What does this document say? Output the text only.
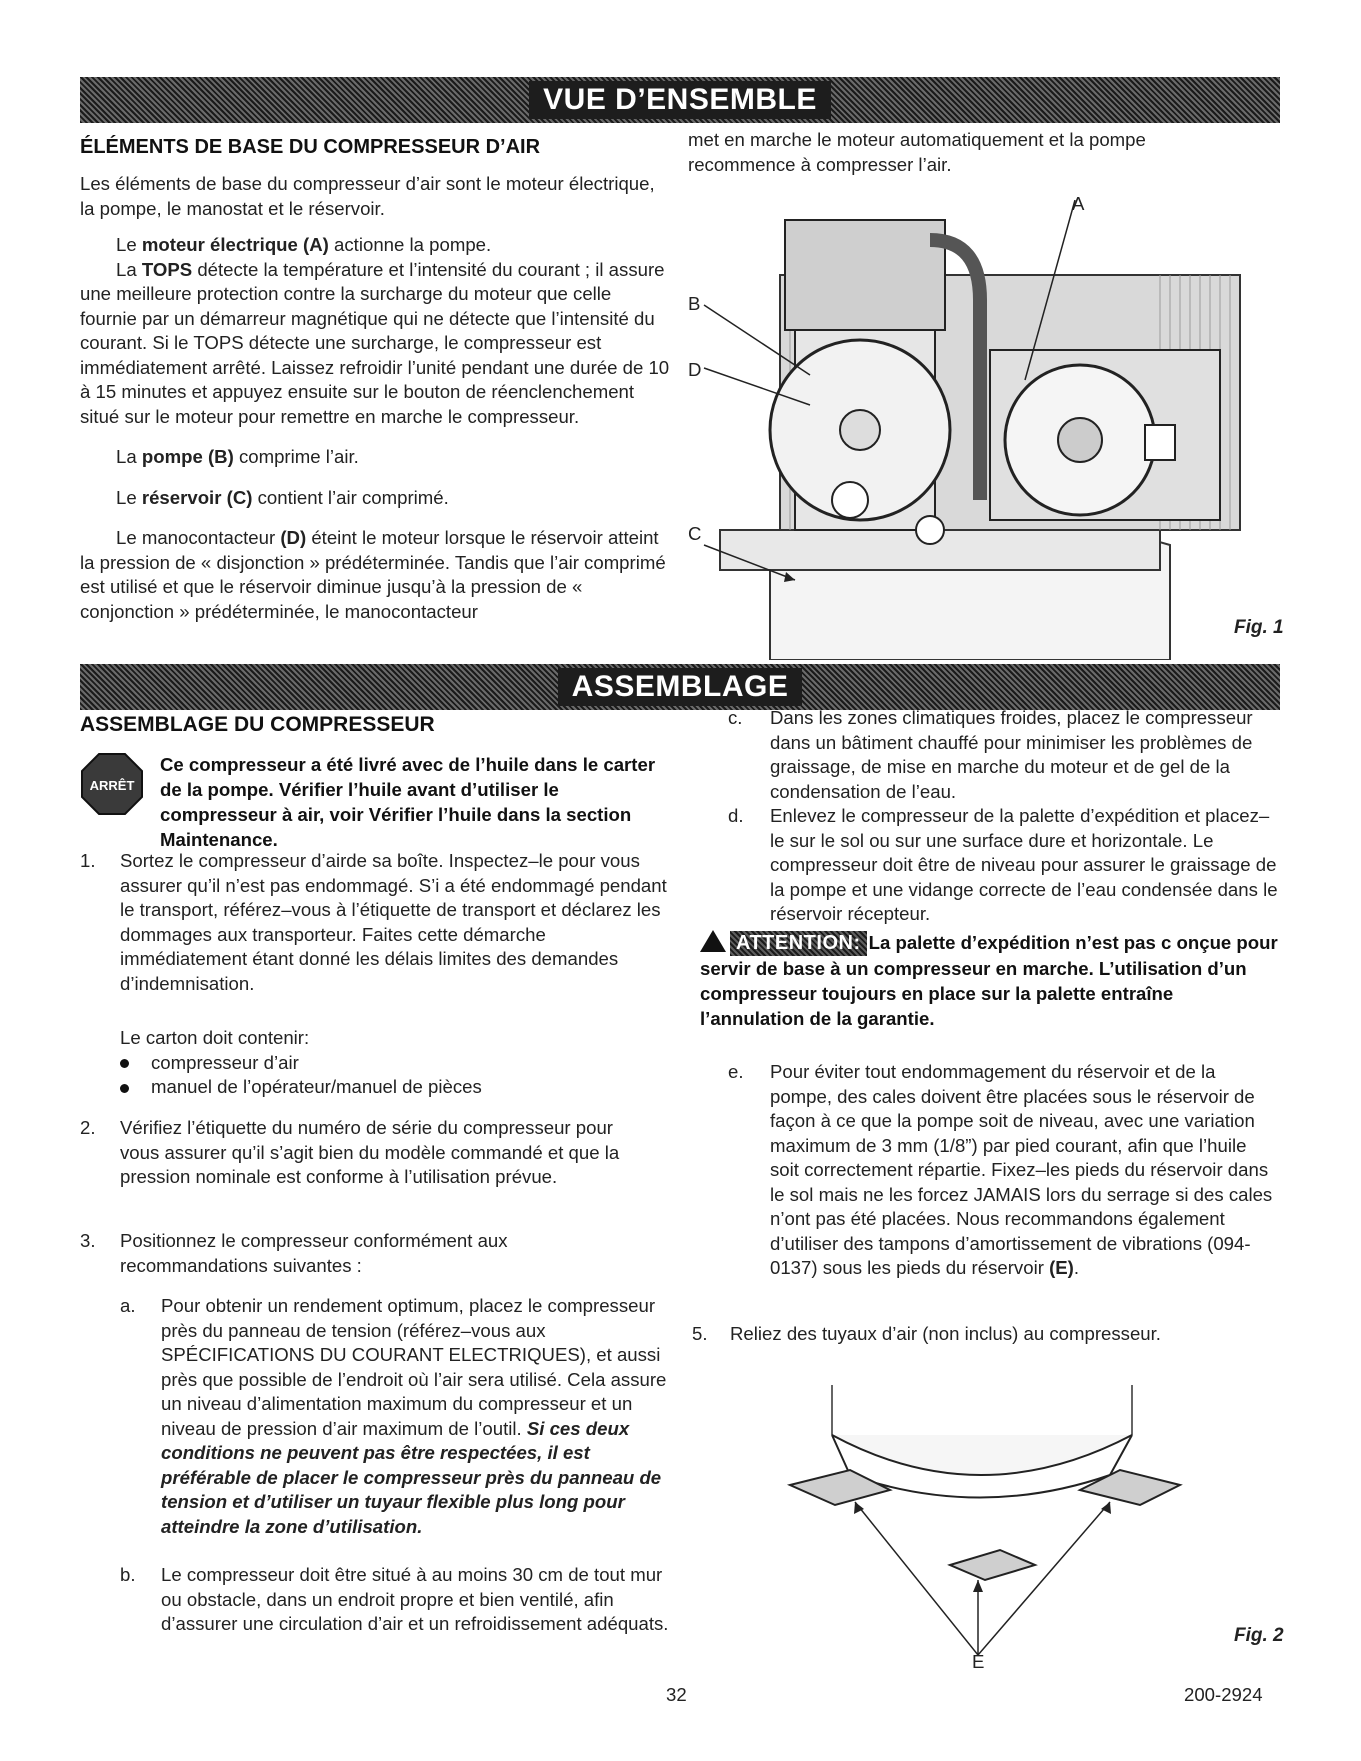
VUE D’ENSEMBLE
ÉLÉMENTS DE BASE DU COMPRESSEUR D’AIR

Les éléments de base du compresseur d’air sont le moteur électrique, la pompe, le manostat et le réservoir.

Le moteur électrique (A) actionne la pompe.

La TOPS détecte la température et l’intensité du courant ; il assure une meilleure protection contre la surcharge du moteur que celle fournie par un démarreur magnétique qui ne détecte que l’intensité du courant. Si le TOPS détecte une surcharge, le compresseur est immédiatement arrêté. Laissez refroidir l’unité pendant une durée de 10 à 15 minutes et appuyez ensuite sur le bouton de réenclenchement situé sur le moteur pour remettre en marche le compresseur.

La pompe (B) comprime l’air.

Le réservoir (C) contient l’air comprimé.

Le manocontacteur (D) éteint le moteur lorsque le réservoir atteint la pression de « disjonction » prédéterminée. Tandis que l’air comprimé est utilisé et que le réservoir diminue jusqu’à la pression de « conjonction » prédéterminée, le manocontacteur

met en marche le moteur automatiquement et la pompe recommence à compresser l’air.
A
B
D
C
Fig. 1
ASSEMBLAGE
ASSEMBLAGE DU COMPRESSEUR
ARRÊT
Ce compresseur a été livré avec de l’huile dans le carter de la pompe. Vérifier l’huile avant d’utiliser le compresseur à air, voir Vérifier l’huile dans la section Maintenance.
1. Sortez le compresseur d’airde sa boîte. Inspectez–le pour vous assurer qu’il n’est pas endommagé. S’i a été endommagé pendant le transport, référez–vous à l’étiquette de transport et déclarez les dommages aux transporteur. Faites cette démarche immédiatement étant donné les délais limites des demandes d’indemnisation.

Le carton doit contenir:

compresseur d’air

manuel de l’opérateur/manuel de pièces

2. Vérifiez l’étiquette du numéro de série du compresseur pour vous assurer qu’il s’agit bien du modèle commandé et que la pression nominale est conforme à l’utilisation prévue.
3. Positionnez le compresseur conformément aux recommandations suivantes :
a. Pour obtenir un rendement optimum, placez le compresseur près du panneau de tension (référez–vous aux SPÉCIFICATIONS DU COURANT ELECTRIQUES), et aussi près que possible de l’endroit où l’air sera utilisé. Cela assure un niveau d’alimentation maximum du compresseur et un niveau de pression d’air maximum de l’outil. Si ces deux conditions ne peuvent pas être respectées, il est préférable de placer le compresseur près du panneau de tension et d’utiliser un tuyaur flexible plus long pour atteindre la zone d’utilisation.
b. Le compresseur doit être situé à au moins 30 cm de tout mur ou obstacle, dans un endroit propre et bien ventilé, afin d’assurer une circulation d’air et un refroidissement adéquats.
c. Dans les zones climatiques froides, placez le compresseur dans un bâtiment chauffé pour minimiser les problèmes de graissage, de mise en marche du moteur et de gel de la condensation de l’eau.
d. Enlevez le compresseur de la palette d’expédition et placez–le sur le sol ou sur une surface dure et horizontale. Le compresseur doit être de niveau pour assurer le graissage de la pompe et une vidange correcte de l’eau condensée dans le réservoir récepteur.
ATTENTION: La palette d’expédition n’est pas c onçue pour servir de base à un compresseur en marche. L’utilisation d’un compresseur toujours en place sur la palette entraîne l’annulation de la garantie.
e. Pour éviter tout endommagement du réservoir et de la pompe, des cales doivent être placées sous le réservoir de façon à ce que la pompe soit de niveau, avec une variation maximum de 3 mm (1/8”) par pied courant, afin que l’huile soit correctement répartie. Fixez–les pieds du réservoir dans le sol mais ne les forcez JAMAIS lors du serrage si des cales n’ont pas été placées. Nous recommandons également d’utiliser des tampons d’amortissement de vibrations (094-0137) sous les pieds du réservoir (E).
5. Reliez des tuyaux d’air (non inclus) au compresseur.
E
Fig. 2
32	200-2924
